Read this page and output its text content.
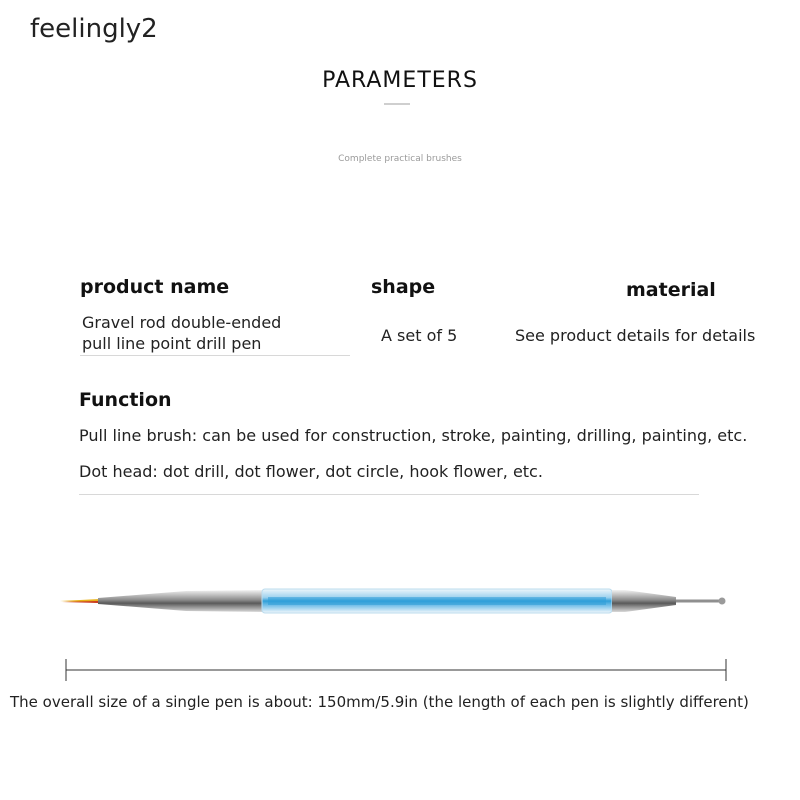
feelingly2
PARAMETERS
Complete practical brushes
product name	shape	material
Gravel rod double-ended
pull line point drill pen	A set of 5	See product details for details
Function
Pull line brush: can be used for construction, stroke, painting, drilling, painting, etc.
Dot head: dot drill, dot flower, dot circle, hook flower, etc.
The overall size of a single pen is about: 150mm/5.9in (the length of each pen is slightly different)
